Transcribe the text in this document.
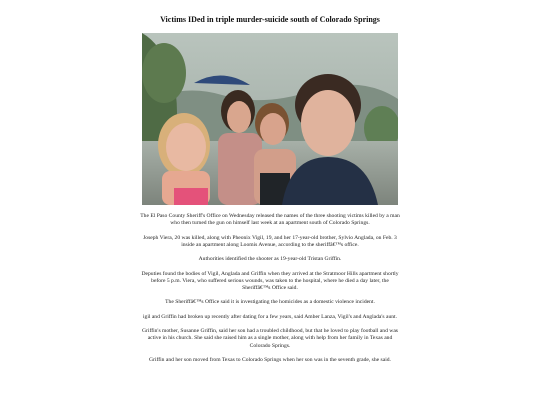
Victims IDed in triple murder-suicide south of Colorado Springs

The El Paso County Sheriff's Office on Wednesday released the names of the three shooting victims killed by a man who then turned the gun on himself last week at an apartment south of Colorado Springs.

Joseph Viera, 20 was killed, along with Pheonix Vigil, 19, and her 17-year-old brother, Sylvio Anglada, on Feb. 3 inside an apartment along Loomis Avenue, according to the sheriffâ€™s office.

Authorities identified the shooter as 19-year-old Tristan Griffin.

Deputies found the bodies of Vigil, Anglada and Griffin when they arrived at the Stratmoor Hills apartment shortly before 5 p.m. Viera, who suffered serious wounds, was taken to the hospital, where he died a day later, the Sheriffâ€™s Office said.

The Sheriffâ€™s Office said it is investigating the homicides as a domestic violence incident.

igil and Griffin had broken up recently after dating for a few years, said Amber Lanza, Vigil's and Anglada's aunt.

Griffin's mother, Susanne Griffin, said her son had a troubled childhood, but that he loved to play football and was active in his church. She said she raised him as a single mother, along with help from her family in Texas and Colorado Springs.

Griffin and her son moved from Texas to Colorado Springs when her son was in the seventh grade, she said.
